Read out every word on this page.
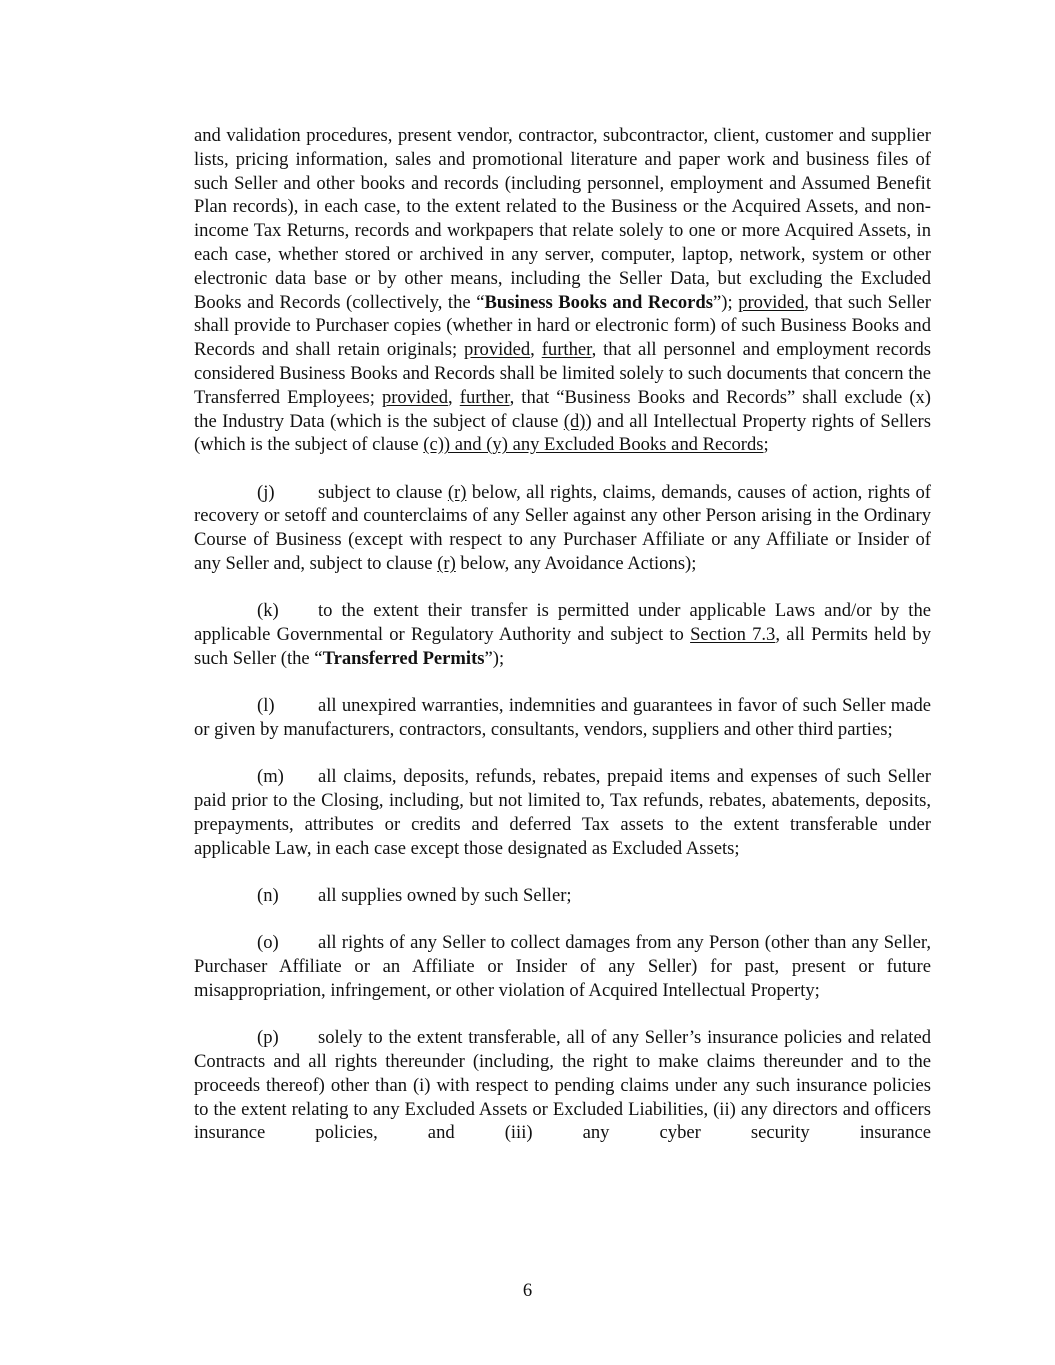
and validation procedures, present vendor, contractor, subcontractor, client, customer and supplier lists, pricing information, sales and promotional literature and paper work and business files of such Seller and other books and records (including personnel, employment and Assumed Benefit Plan records), in each case, to the extent related to the Business or the Acquired Assets, and non-income Tax Returns, records and workpapers that relate solely to one or more Acquired Assets, in each case, whether stored or archived in any server, computer, laptop, network, system or other electronic data base or by other means, including the Seller Data, but excluding the Excluded Books and Records (collectively, the “Business Books and Records”); provided, that such Seller shall provide to Purchaser copies (whether in hard or electronic form) of such Business Books and Records and shall retain originals; provided, further, that all personnel and employment records considered Business Books and Records shall be limited solely to such documents that concern the Transferred Employees; provided, further, that “Business Books and Records” shall exclude (x) the Industry Data (which is the subject of clause (d)) and all Intellectual Property rights of Sellers (which is the subject of clause (c)) and (y) any Excluded Books and Records;

(j) subject to clause (r) below, all rights, claims, demands, causes of action, rights of recovery or setoff and counterclaims of any Seller against any other Person arising in the Ordinary Course of Business (except with respect to any Purchaser Affiliate or any Affiliate or Insider of any Seller and, subject to clause (r) below, any Avoidance Actions);

(k) to the extent their transfer is permitted under applicable Laws and/or by the applicable Governmental or Regulatory Authority and subject to Section 7.3, all Permits held by such Seller (the “Transferred Permits”);

(l) all unexpired warranties, indemnities and guarantees in favor of such Seller made or given by manufacturers, contractors, consultants, vendors, suppliers and other third parties;

(m) all claims, deposits, refunds, rebates, prepaid items and expenses of such Seller paid prior to the Closing, including, but not limited to, Tax refunds, rebates, abatements, deposits, prepayments, attributes or credits and deferred Tax assets to the extent transferable under applicable Law, in each case except those designated as Excluded Assets;

(n) all supplies owned by such Seller;

(o) all rights of any Seller to collect damages from any Person (other than any Seller, Purchaser Affiliate or an Affiliate or Insider of any Seller) for past, present or future misappropriation, infringement, or other violation of Acquired Intellectual Property;

(p) solely to the extent transferable, all of any Seller’s insurance policies and related Contracts and all rights thereunder (including, the right to make claims thereunder and to the proceeds thereof) other than (i) with respect to pending claims under any such insurance policies to the extent relating to any Excluded Assets or Excluded Liabilities, (ii) any directors and officers insurance policies, and (iii) any cyber security insurance

6
